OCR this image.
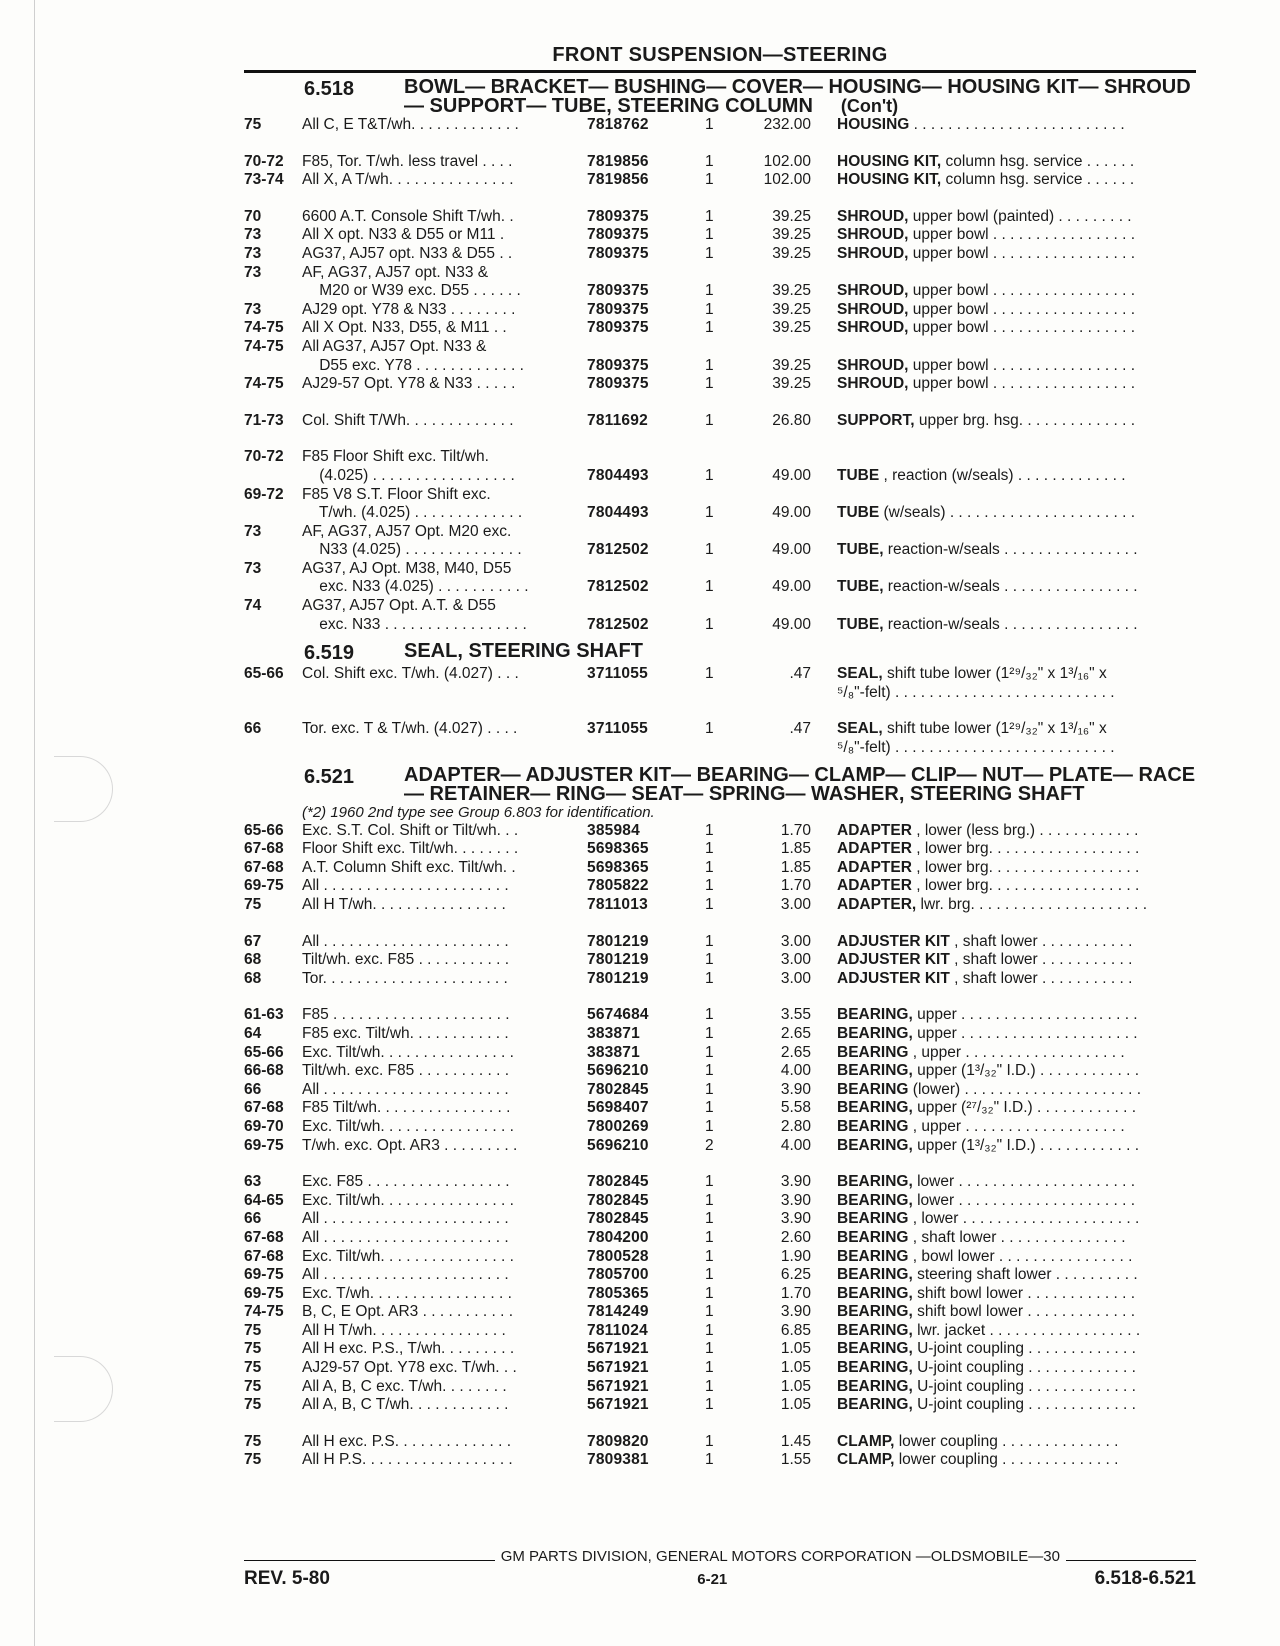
FRONT SUSPENSION—STEERING
6.518	BOWL— BRACKET— BUSHING— COVER— HOUSING— HOUSING KIT— SHROUD— SUPPORT— TUBE, STEERING COLUMN (Con't)
75	All C, E T&T/wh. . . . . . . . . . . . .	7818762	1	232.00	HOUSING . . . . . . . . . . . . . . . . . . . . . . . . .
70-72	F85, Tor. T/wh. less travel . . . .	7819856	1	102.00	HOUSING KIT, column hsg. service . . . . . .
73-74	All X, A T/wh. . . . . . . . . . . . . . .	7819856	1	102.00	HOUSING KIT, column hsg. service . . . . . .
70	6600 A.T. Console Shift T/wh. .	7809375	1	39.25	SHROUD, upper bowl (painted) . . . . . . . . .
73	All X opt. N33 & D55 or M11 .	7809375	1	39.25	SHROUD, upper bowl . . . . . . . . . . . . . . . . .
73	AG37, AJ57 opt. N33 & D55 . .	7809375	1	39.25	SHROUD, upper bowl . . . . . . . . . . . . . . . . .
73	AF, AG37, AJ57 opt. N33 &
M20 or W39 exc. D55 . . . . . .	7809375	1	39.25	SHROUD, upper bowl . . . . . . . . . . . . . . . . .
73	AJ29 opt. Y78 & N33 . . . . . . . .	7809375	1	39.25	SHROUD, upper bowl . . . . . . . . . . . . . . . . .
74-75	All X Opt. N33, D55, & M11 . .	7809375	1	39.25	SHROUD, upper bowl . . . . . . . . . . . . . . . . .
74-75	All AG37, AJ57 Opt. N33 &
D55 exc. Y78 . . . . . . . . . . . . .	7809375	1	39.25	SHROUD, upper bowl . . . . . . . . . . . . . . . . .
74-75	AJ29-57 Opt. Y78 & N33 . . . . .	7809375	1	39.25	SHROUD, upper bowl . . . . . . . . . . . . . . . . .
71-73	Col. Shift T/Wh. . . . . . . . . . . . .	7811692	1	26.80	SUPPORT, upper brg. hsg. . . . . . . . . . . . . .
70-72	F85 Floor Shift exc. Tilt/wh.
(4.025) . . . . . . . . . . . . . . . . .	7804493	1	49.00	TUBE , reaction (w/seals) . . . . . . . . . . . . .
69-72	F85 V8 S.T. Floor Shift exc.
T/wh. (4.025) . . . . . . . . . . . . .	7804493	1	49.00	TUBE (w/seals) . . . . . . . . . . . . . . . . . . . . . .
73	AF, AG37, AJ57 Opt. M20 exc.
N33 (4.025) . . . . . . . . . . . . . .	7812502	1	49.00	TUBE, reaction-w/seals . . . . . . . . . . . . . . . .
73	AG37, AJ Opt. M38, M40, D55
exc. N33 (4.025) . . . . . . . . . . .	7812502	1	49.00	TUBE, reaction-w/seals . . . . . . . . . . . . . . . .
74	AG37, AJ57 Opt. A.T. & D55
exc. N33 . . . . . . . . . . . . . . . . .	7812502	1	49.00	TUBE, reaction-w/seals . . . . . . . . . . . . . . . .
6.519	SEAL, STEERING SHAFT
65-66	Col. Shift exc. T/wh. (4.027) . . .	3711055	1	.47	SEAL, shift tube lower (1²⁹/₃₂" x 1³/₁₆" x
⁵/₈"-felt) . . . . . . . . . . . . . . . . . . . . . . . . . .
66	Tor. exc. T & T/wh. (4.027) . . . .	3711055	1	.47	SEAL, shift tube lower (1²⁹/₃₂" x 1³/₁₆" x
⁵/₈"-felt) . . . . . . . . . . . . . . . . . . . . . . . . . .
6.521	ADAPTER— ADJUSTER KIT— BEARING— CLAMP— CLIP— NUT— PLATE— RACE— RETAINER— RING— SEAT— SPRING— WASHER, STEERING SHAFT
(*2) 1960 2nd type see Group 6.803 for identification.
65-66	Exc. S.T. Col. Shift or Tilt/wh. . .	385984	1	1.70	ADAPTER , lower (less brg.) . . . . . . . . . . . .
67-68	Floor Shift exc. Tilt/wh. . . . . . . .	5698365	1	1.85	ADAPTER , lower brg. . . . . . . . . . . . . . . . . .
67-68	A.T. Column Shift exc. Tilt/wh. .	5698365	1	1.85	ADAPTER , lower brg. . . . . . . . . . . . . . . . . .
69-75	All . . . . . . . . . . . . . . . . . . . . . .	7805822	1	1.70	ADAPTER , lower brg. . . . . . . . . . . . . . . . . .
75	All H T/wh. . . . . . . . . . . . . . . .	7811013	1	3.00	ADAPTER, lwr. brg. . . . . . . . . . . . . . . . . . . . .
67	All . . . . . . . . . . . . . . . . . . . . . .	7801219	1	3.00	ADJUSTER KIT , shaft lower . . . . . . . . . . .
68	Tilt/wh. exc. F85 . . . . . . . . . . .	7801219	1	3.00	ADJUSTER KIT , shaft lower . . . . . . . . . . .
68	Tor. . . . . . . . . . . . . . . . . . . . . .	7801219	1	3.00	ADJUSTER KIT , shaft lower . . . . . . . . . . .
61-63	F85 . . . . . . . . . . . . . . . . . . . . .	5674684	1	3.55	BEARING, upper . . . . . . . . . . . . . . . . . . . . .
64	F85 exc. Tilt/wh. . . . . . . . . . . .	383871	1	2.65	BEARING, upper . . . . . . . . . . . . . . . . . . . . .
65-66	Exc. Tilt/wh. . . . . . . . . . . . . . . .	383871	1	2.65	BEARING , upper . . . . . . . . . . . . . . . . . . .
66-68	Tilt/wh. exc. F85 . . . . . . . . . . .	5696210	1	4.00	BEARING, upper (1³/₃₂" I.D.) . . . . . . . . . . . .
66	All . . . . . . . . . . . . . . . . . . . . . .	7802845	1	3.90	BEARING (lower) . . . . . . . . . . . . . . . . . . . . .
67-68	F85 Tilt/wh. . . . . . . . . . . . . . . .	5698407	1	5.58	BEARING, upper (²⁷/₃₂" I.D.) . . . . . . . . . . . .
69-70	Exc. Tilt/wh. . . . . . . . . . . . . . . .	7800269	1	2.80	BEARING , upper . . . . . . . . . . . . . . . . . . .
69-75	T/wh. exc. Opt. AR3 . . . . . . . . .	5696210	2	4.00	BEARING, upper (1³/₃₂" I.D.) . . . . . . . . . . . .
63	Exc. F85 . . . . . . . . . . . . . . . . .	7802845	1	3.90	BEARING, lower . . . . . . . . . . . . . . . . . . . . .
64-65	Exc. Tilt/wh. . . . . . . . . . . . . . . .	7802845	1	3.90	BEARING, lower . . . . . . . . . . . . . . . . . . . . .
66	All . . . . . . . . . . . . . . . . . . . . . .	7802845	1	3.90	BEARING , lower . . . . . . . . . . . . . . . . . . . . .
67-68	All . . . . . . . . . . . . . . . . . . . . . .	7804200	1	2.60	BEARING , shaft lower . . . . . . . . . . . . . . .
67-68	Exc. Tilt/wh. . . . . . . . . . . . . . . .	7800528	1	1.90	BEARING , bowl lower . . . . . . . . . . . . . . . .
69-75	All . . . . . . . . . . . . . . . . . . . . . .	7805700	1	6.25	BEARING, steering shaft lower . . . . . . . . . .
69-75	Exc. T/wh. . . . . . . . . . . . . . . . .	7805365	1	1.70	BEARING, shift bowl lower . . . . . . . . . . . . .
74-75	B, C, E Opt. AR3 . . . . . . . . . . .	7814249	1	3.90	BEARING, shift bowl lower . . . . . . . . . . . . .
75	All H T/wh. . . . . . . . . . . . . . . .	7811024	1	6.85	BEARING, lwr. jacket . . . . . . . . . . . . . . . . . .
75	All H exc. P.S., T/wh. . . . . . . . .	5671921	1	1.05	BEARING, U-joint coupling . . . . . . . . . . . . .
75	AJ29-57 Opt. Y78 exc. T/wh. . .	5671921	1	1.05	BEARING, U-joint coupling . . . . . . . . . . . . .
75	All A, B, C exc. T/wh. . . . . . . .	5671921	1	1.05	BEARING, U-joint coupling . . . . . . . . . . . . .
75	All A, B, C T/wh. . . . . . . . . . . .	5671921	1	1.05	BEARING, U-joint coupling . . . . . . . . . . . . .
75	All H exc. P.S. . . . . . . . . . . . . .	7809820	1	1.45	CLAMP, lower coupling . . . . . . . . . . . . . .
75	All H P.S. . . . . . . . . . . . . . . . . .	7809381	1	1.55	CLAMP, lower coupling . . . . . . . . . . . . . .
GM PARTS DIVISION, GENERAL MOTORS CORPORATION —OLDSMOBILE—30
REV. 5-80	6-21	6.518-6.521
